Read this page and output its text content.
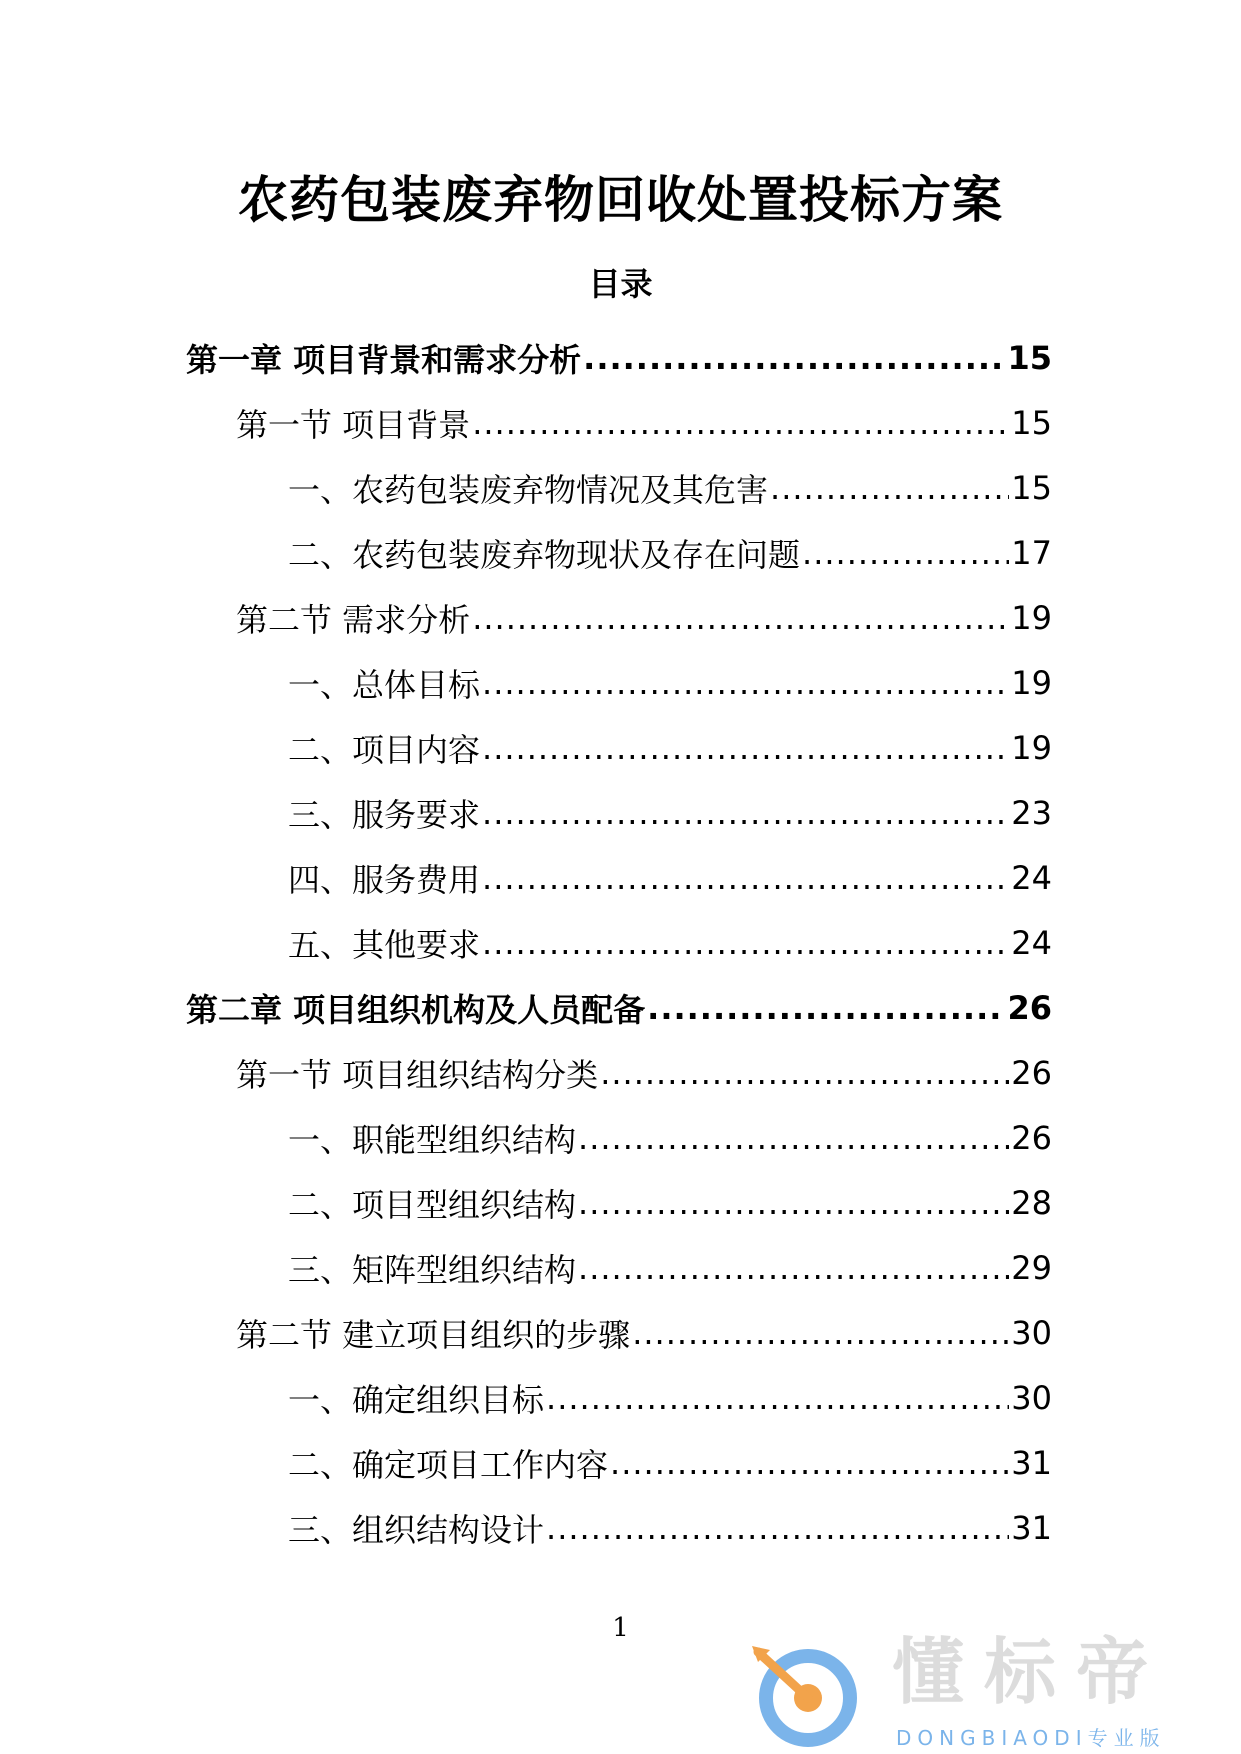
农药包装废弃物回收处置投标方案
目录
第一章 项目背景和需求分析 .....	15
第一节 项目背景 .....	15
一、农药包装废弃物情况及其危害 .....	15
二、农药包装废弃物现状及存在问题 .....	17
第二节 需求分析 .....	19
一、总体目标 .....	19
二、项目内容 .....	19
三、服务要求 .....	23
四、服务费用 .....	24
五、其他要求 .....	24
第二章 项目组织机构及人员配备 .....	26
第一节 项目组织结构分类 .....	26
一、职能型组织结构 .....	26
二、项目型组织结构 .....	28
三、矩阵型组织结构 .....	29
第二节 建立项目组织的步骤 .....	30
一、确定组织目标 .....	30
二、确定项目工作内容 .....	31
三、组织结构设计 .....	31
1
懂标帝
DONGBIAODI专业版
